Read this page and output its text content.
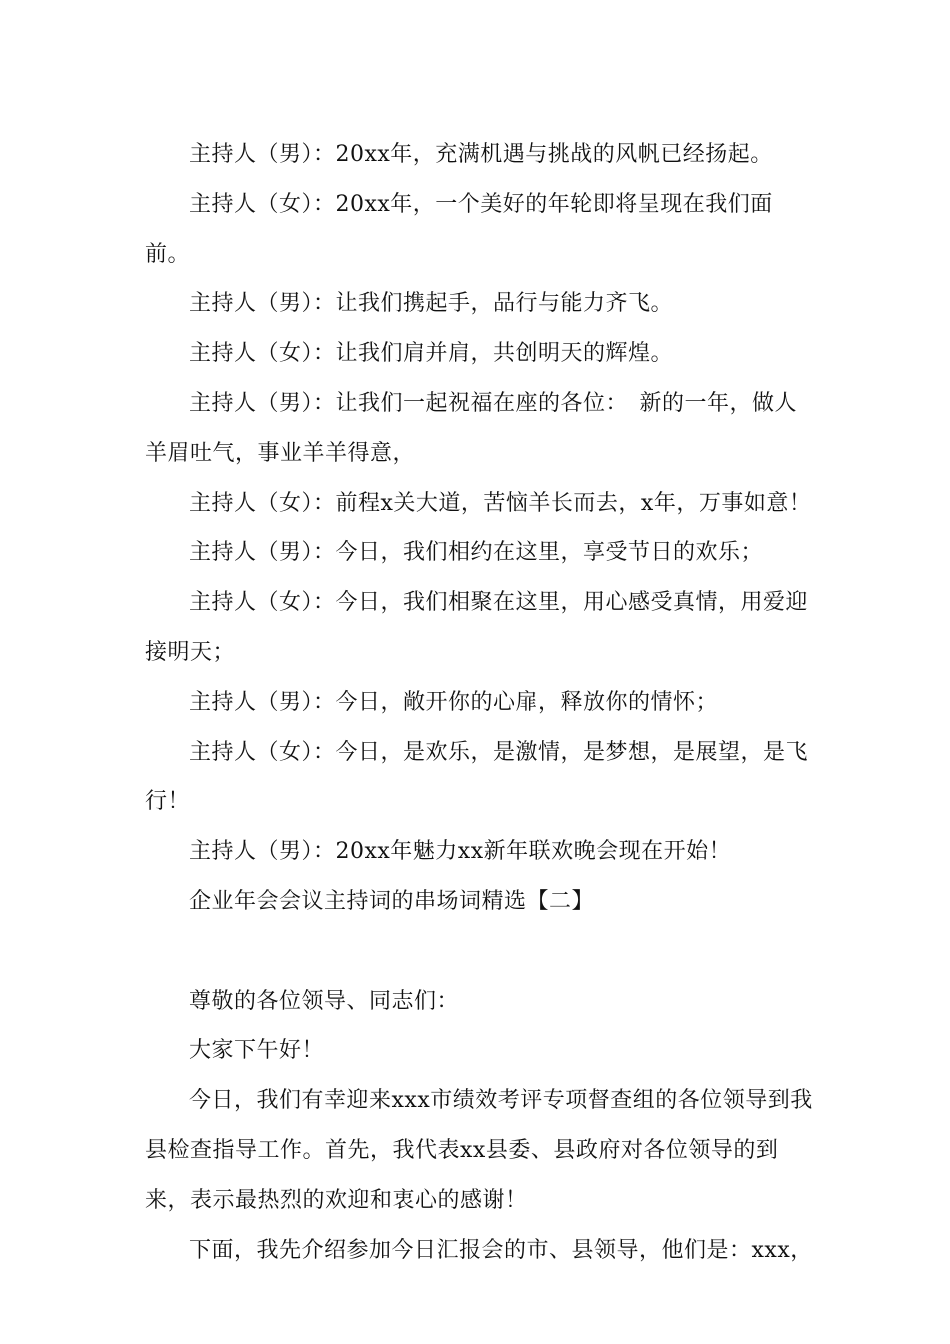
主持人（男）：20xx年，充满机遇与挑战的风帆已经扬起。

主持人（女）：20xx年，一个美好的年轮即将呈现在我们面前。

主持人（男）：让我们携起手，品行与能力齐飞。

主持人（女）：让我们肩并肩，共创明天的辉煌。

主持人（男）：让我们一起祝福在座的各位：　新的一年，做人羊眉吐气，事业羊羊得意，

主持人（女）：前程x关大道，苦恼羊长而去，x年，万事如意！

主持人（男）：今日，我们相约在这里，享受节日的欢乐；

主持人（女）：今日，我们相聚在这里，用心感受真情，用爱迎接明天；

主持人（男）：今日，敞开你的心扉，释放你的情怀；

主持人（女）：今日，是欢乐，是激情，是梦想，是展望，是飞行！

主持人（男）：20xx年魅力xx新年联欢晚会现在开始！

企业年会会议主持词的串场词精选【二】

尊敬的各位领导、同志们：

大家下午好！

今日，我们有幸迎来xxx市绩效考评专项督查组的各位领导到我县检查指导工作。首先，我代表xx县委、县政府对各位领导的到来，表示最热烈的欢迎和衷心的感谢！

下面，我先介绍参加今日汇报会的市、县领导，他们是：xxx，
